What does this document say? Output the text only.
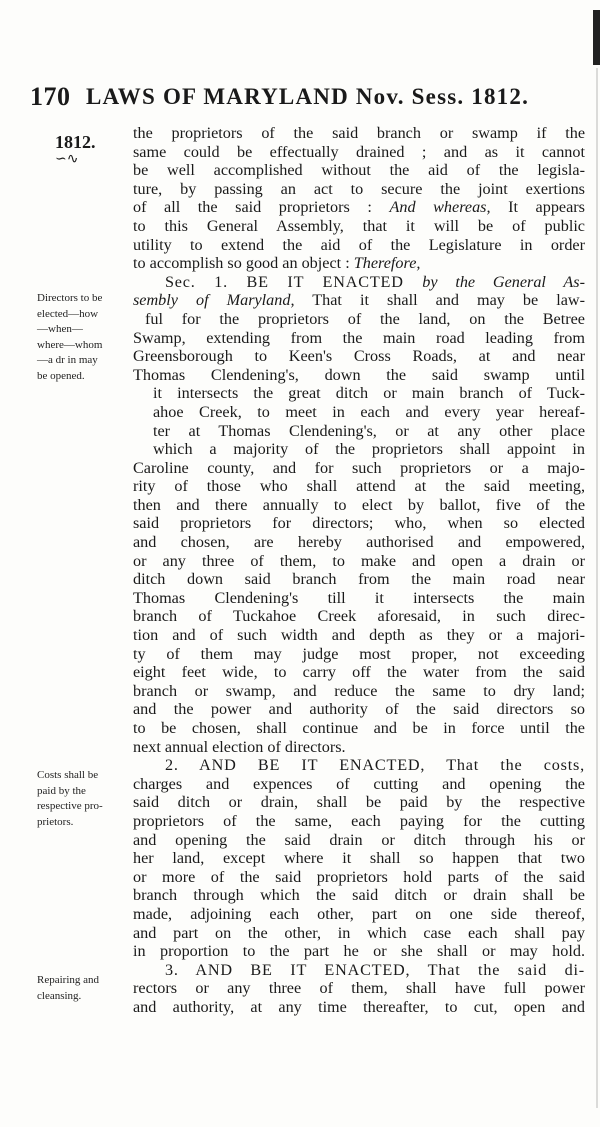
170 LAWS OF MARYLAND Nov. Sess. 1812.
1812.
∽∿
Directors to be
elected—how
—when—
where—whom
—a dr in may
be opened.
Costs shall be
paid by the
respective pro-
prietors.
Repairing and
cleansing.
the proprietors of the said branch or swamp if the
same could be effectually drained ; and as it cannot
be well accomplished without the aid of the legisla-
ture, by passing an act to secure the joint exertions
of all the said proprietors : And whereas, It appears
to this General Assembly, that it will be of public
utility to extend the aid of the Legislature in order
to accomplish so good an object : Therefore,
Sec. 1. BE IT ENACTED by the General As-
sembly of Maryland, That it shall and may be law-
ful for the proprietors of the land, on the Betree
Swamp, extending from the main road leading from
Greensborough to Keen's Cross Roads, at and near
Thomas Clendening's, down the said swamp until
it intersects the great ditch or main branch of Tuck-
ahoe Creek, to meet in each and every year hereaf-
ter at Thomas Clendening's, or at any other place
which a majority of the proprietors shall appoint in
Caroline county, and for such proprietors or a majo-
rity of those who shall attend at the said meeting,
then and there annually to elect by ballot, five of the
said proprietors for directors; who, when so elected
and chosen, are hereby authorised and empowered,
or any three of them, to make and open a drain or
ditch down said branch from the main road near
Thomas Clendening's till it intersects the main
branch of Tuckahoe Creek aforesaid, in such direc-
tion and of such width and depth as they or a majori-
ty of them may judge most proper, not exceeding
eight feet wide, to carry off the water from the said
branch or swamp, and reduce the same to dry land;
and the power and authority of the said directors so
to be chosen, shall continue and be in force until the
next annual election of directors.
2. AND BE IT ENACTED, That the costs,
charges and expences of cutting and opening the
said ditch or drain, shall be paid by the respective
proprietors of the same, each paying for the cutting
and opening the said drain or ditch through his or
her land, except where it shall so happen that two
or more of the said proprietors hold parts of the said
branch through which the said ditch or drain shall be
made, adjoining each other, part on one side thereof,
and part on the other, in which case each shall pay
in proportion to the part he or she shall or may hold.
3. AND BE IT ENACTED, That the said di-
rectors or any three of them, shall have full power
and authority, at any time thereafter, to cut, open and
